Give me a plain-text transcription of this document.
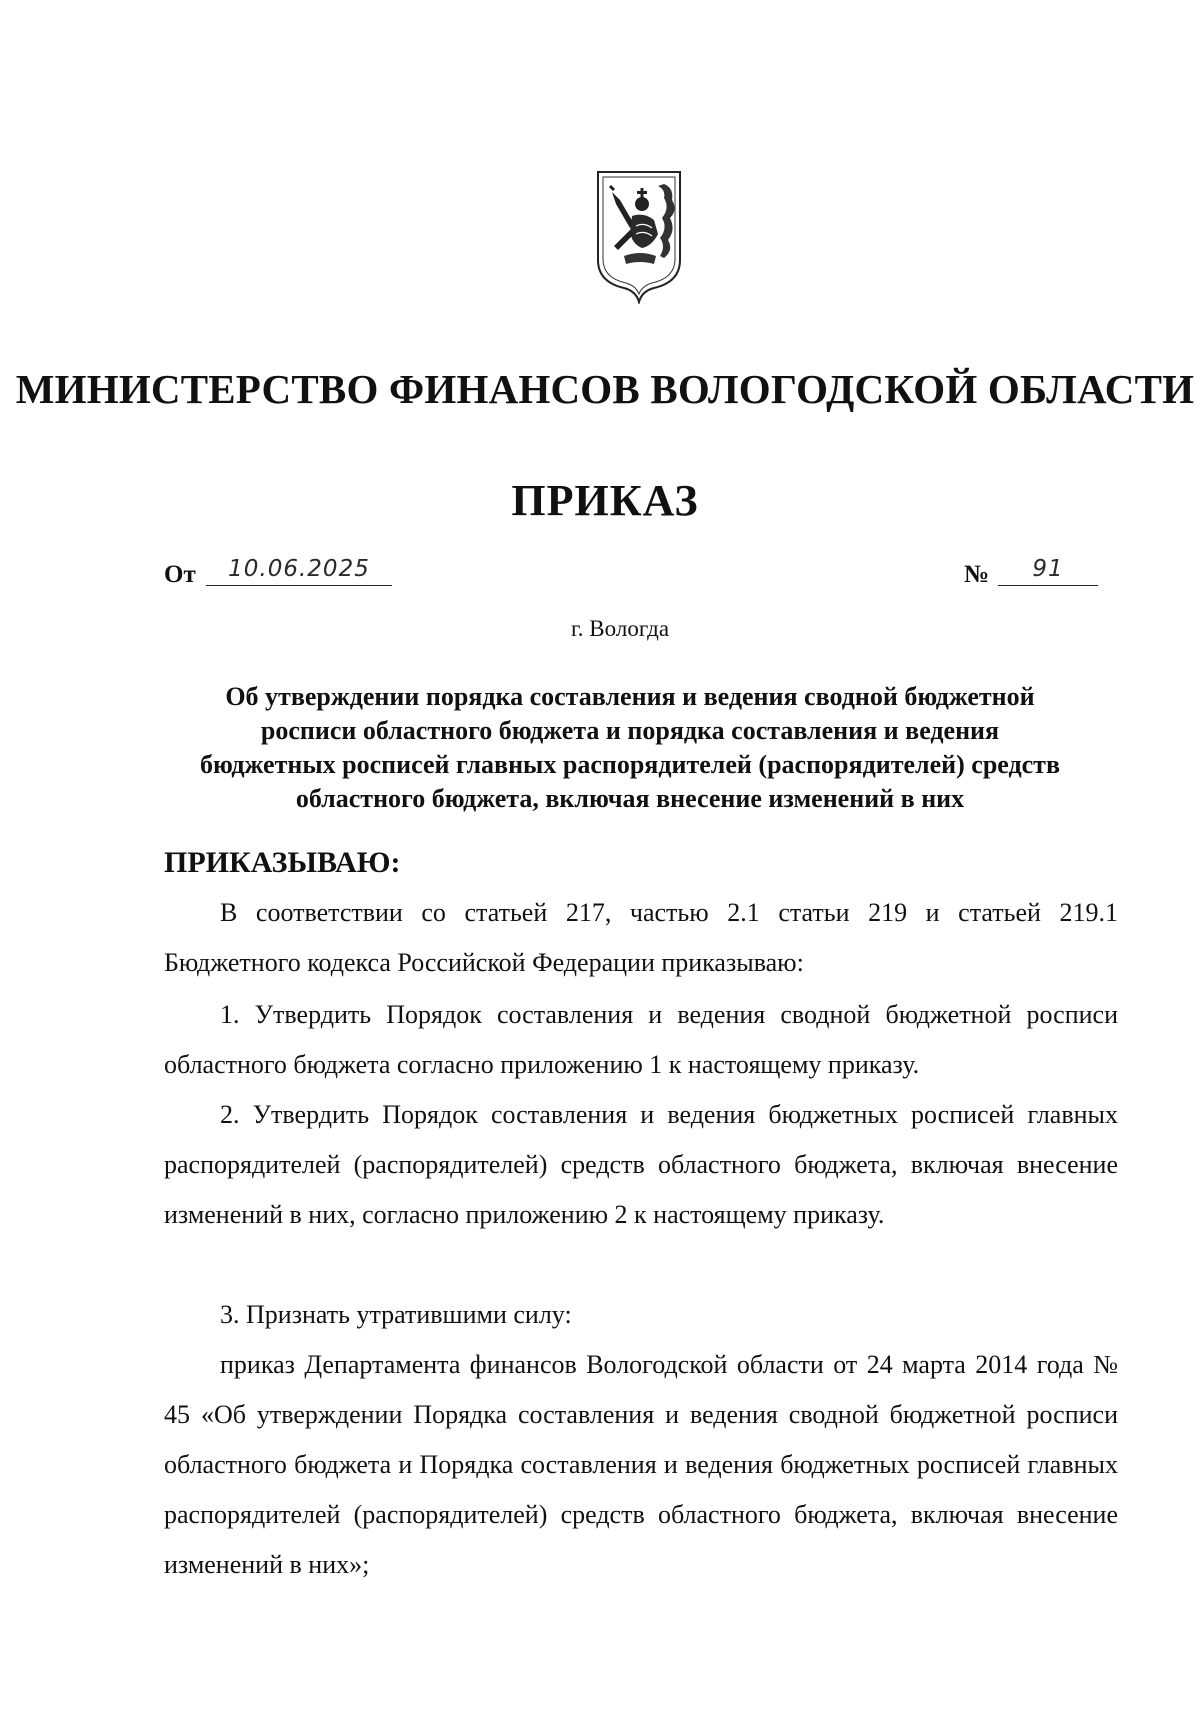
МИНИСТЕРСТВО ФИНАНСОВ ВОЛОГОДСКОЙ ОБЛАСТИ
ПРИКАЗ
От	10.06.2025	№	91
г. Вологда
Об утверждении порядка составления и ведения сводной бюджетной
росписи областного бюджета и порядка составления и ведения
бюджетных росписей главных распорядителей (распорядителей) средств
областного бюджета, включая внесение изменений в них
ПРИКАЗЫВАЮ:

В соответствии со статьей 217, частью 2.1 статьи 219 и статьей 219.1 Бюджетного кодекса Российской Федерации приказываю:

1. Утвердить Порядок составления и ведения сводной бюджетной росписи областного бюджета согласно приложению 1 к настоящему приказу.

2. Утвердить Порядок составления и ведения бюджетных росписей главных распорядителей (распорядителей) средств областного бюджета, включая внесение изменений в них, согласно приложению 2 к настоящему приказу.

3. Признать утратившими силу:

приказ Департамента финансов Вологодской области от 24 марта 2014 года № 45 «Об утверждении Порядка составления и ведения сводной бюджетной росписи областного бюджета и Порядка составления и ведения бюджетных росписей главных распорядителей (распорядителей) средств областного бюджета, включая внесение изменений в них»;
